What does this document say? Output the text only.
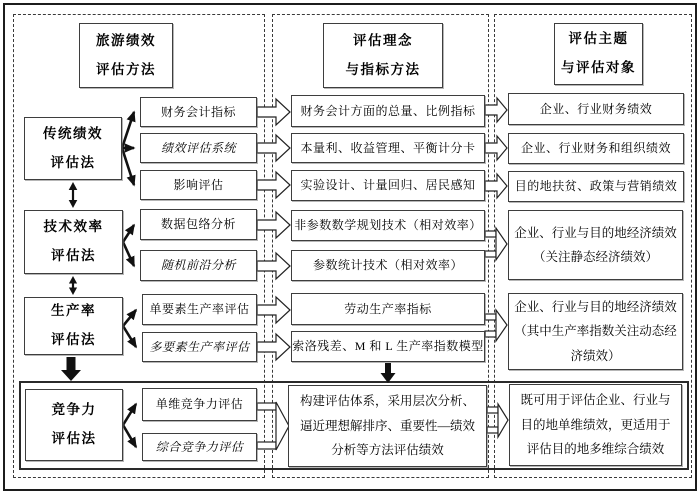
旅游绩效
评估方法
评估理念
与指标方法
评估主题
与评估对象
传统绩效
评估法
技术效率
评估法
生产率
评估法
竞争力
评估法
财务会计指标
绩效评估系统
影响评估
数据包络分析
随机前沿分析
单要素生产率评估
多要素生产率评估
单维竞争力评估
综合竞争力评估
财务会计方面的总量、比例指标
本量利、收益管理、平衡计分卡
实验设计、计量回归、居民感知
非参数数学规划技术（相对效率）
参数统计技术（相对效率）
劳动生产率指标
索洛残差、M 和 L 生产率指数模型
构建评估体系，采用层次分析、逼近理想解排序、重要性—绩效分析等方法评估绩效
企业、行业财务绩效
企业、行业财务和组织绩效
目的地扶贫、政策与营销绩效
企业、行业与目的地经济绩效（关注静态经济绩效）
企业、行业与目的地经济绩效（其中生产率指数关注动态经济绩效）
既可用于评估企业、行业与目的地单维绩效，更适用于评估目的地多维综合绩效
